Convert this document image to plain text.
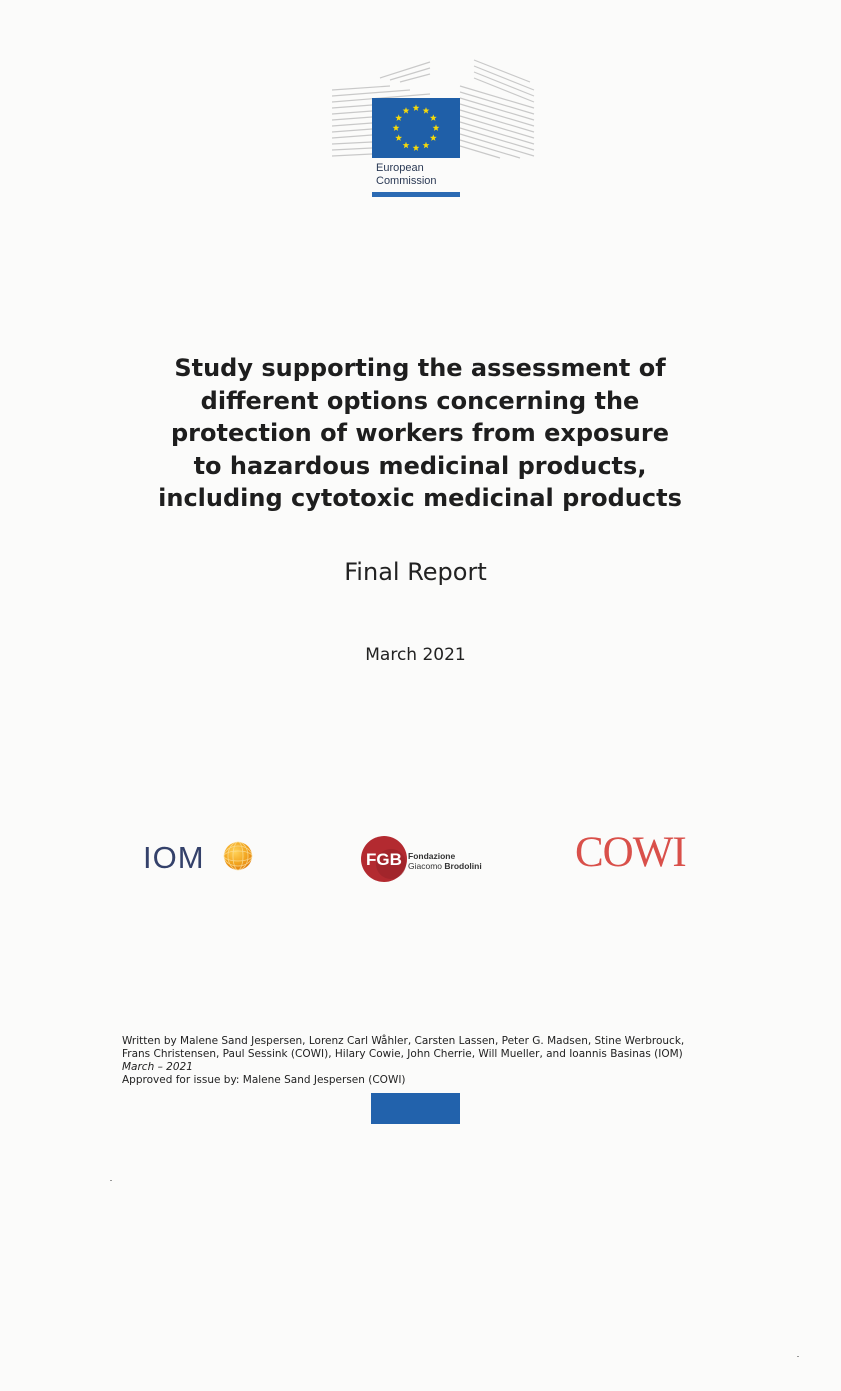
European
Commission
Study supporting the assessment of
different options concerning the
protection of workers from exposure
to hazardous medicinal products,
including cytotoxic medicinal products
Final Report
March 2021
IOM	FGB Fondazione
Giacomo Brodolini COWI
Written by Malene Sand Jespersen, Lorenz Carl Wåhler, Carsten Lassen, Peter G. Madsen, Stine Werbrouck,
Frans Christensen, Paul Sessink (COWI), Hilary Cowie, John Cherrie, Will Mueller, and Ioannis Basinas (IOM)
March – 2021
Approved for issue by: Malene Sand Jespersen (COWI)
